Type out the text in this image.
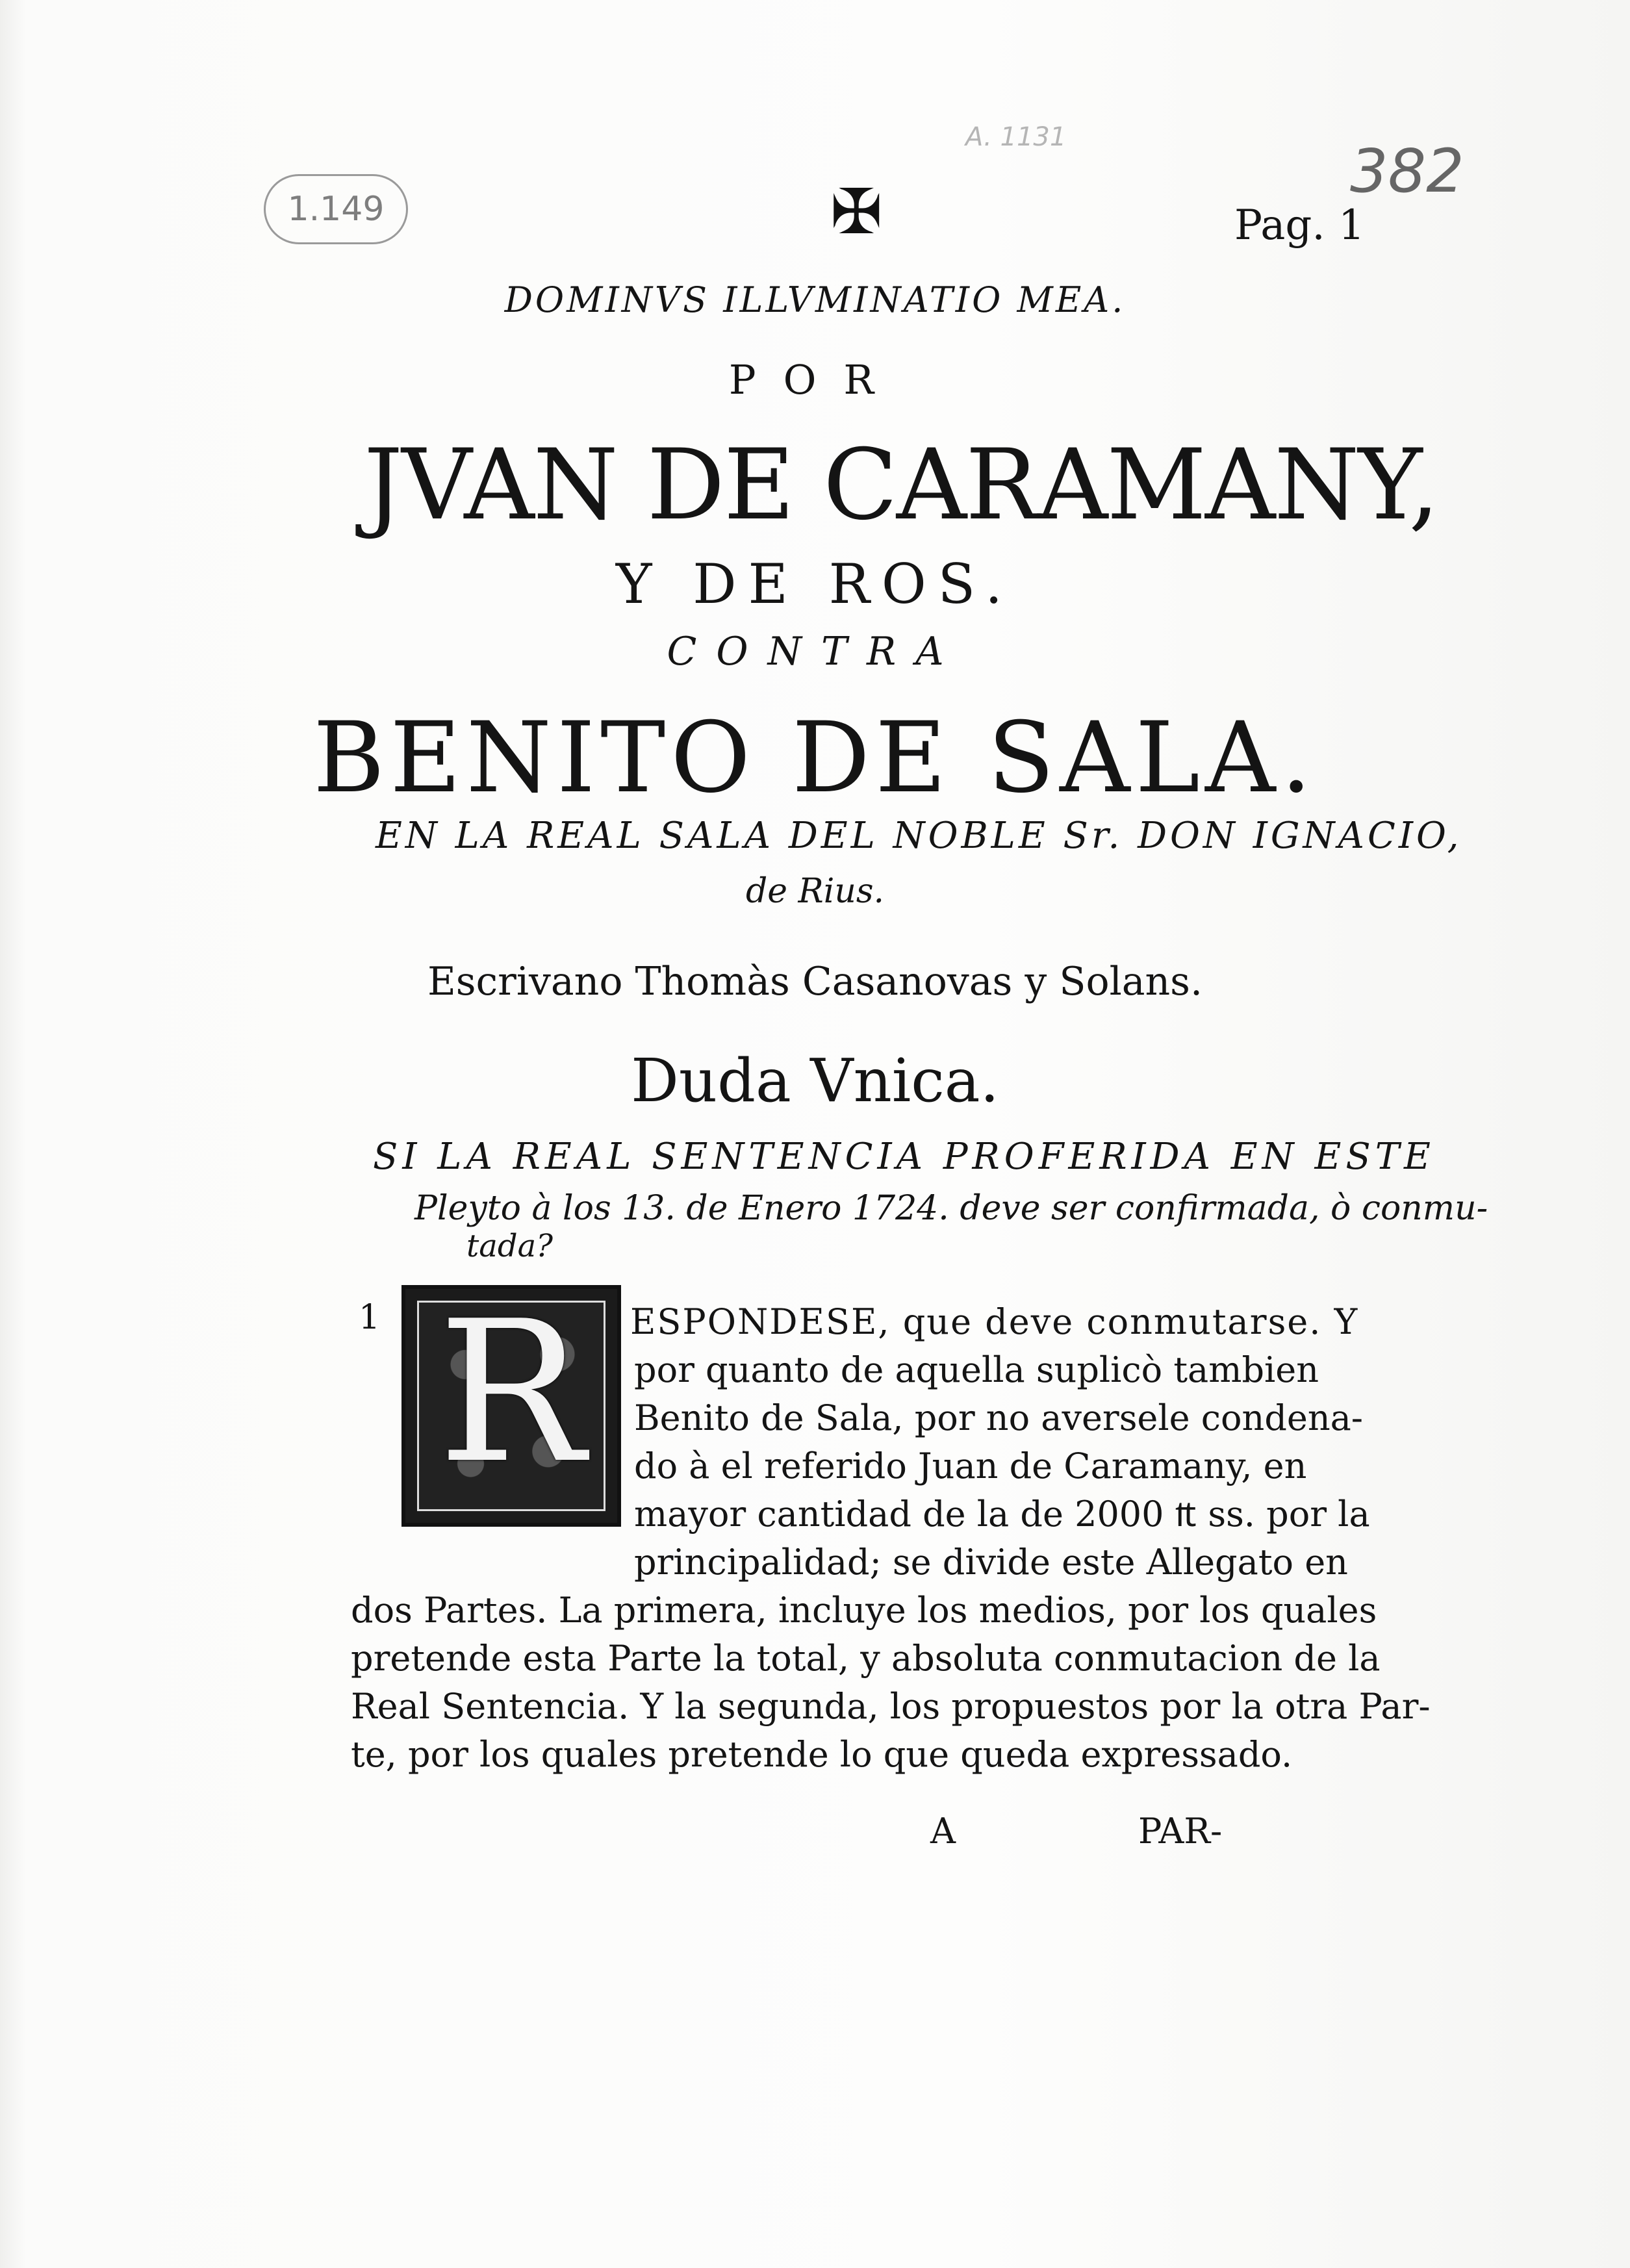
A. 1131
1.149
382
✠	Pag. 1

DOMINVS ILLVMINATIO MEA.

POR

JVAN DE CARAMANY,

Y DE ROS.

CONTRA

BENITO DE SALA.

EN LA REAL SALA DEL NOBLE Sr. DON IGNACIO,

de Rius.

Escrivano Thomàs Casanovas y Solans.

Duda Vnica.

SI LA REAL SENTENCIA PROFERIDA EN ESTE

Pleyto à los 13. de Enero 1724. deve ser confirmada, ò conmu-

tada?

1 R	ESPONDESE, que deve conmutarse. Y

por quanto de aquella suplicò tambien

Benito de Sala, por no aversele condena-

do à el referido Juan de Caramany, en

mayor cantidad de la de 2000 ₶ ss. por la

principalidad; se divide este Allegato en

dos Partes. La primera, incluye los medios, por los quales

pretende esta Parte la total, y absoluta conmutacion de la

Real Sentencia. Y la segunda, los propuestos por la otra Par-

te, por los quales pretende lo que queda expressado.

A	PAR-
